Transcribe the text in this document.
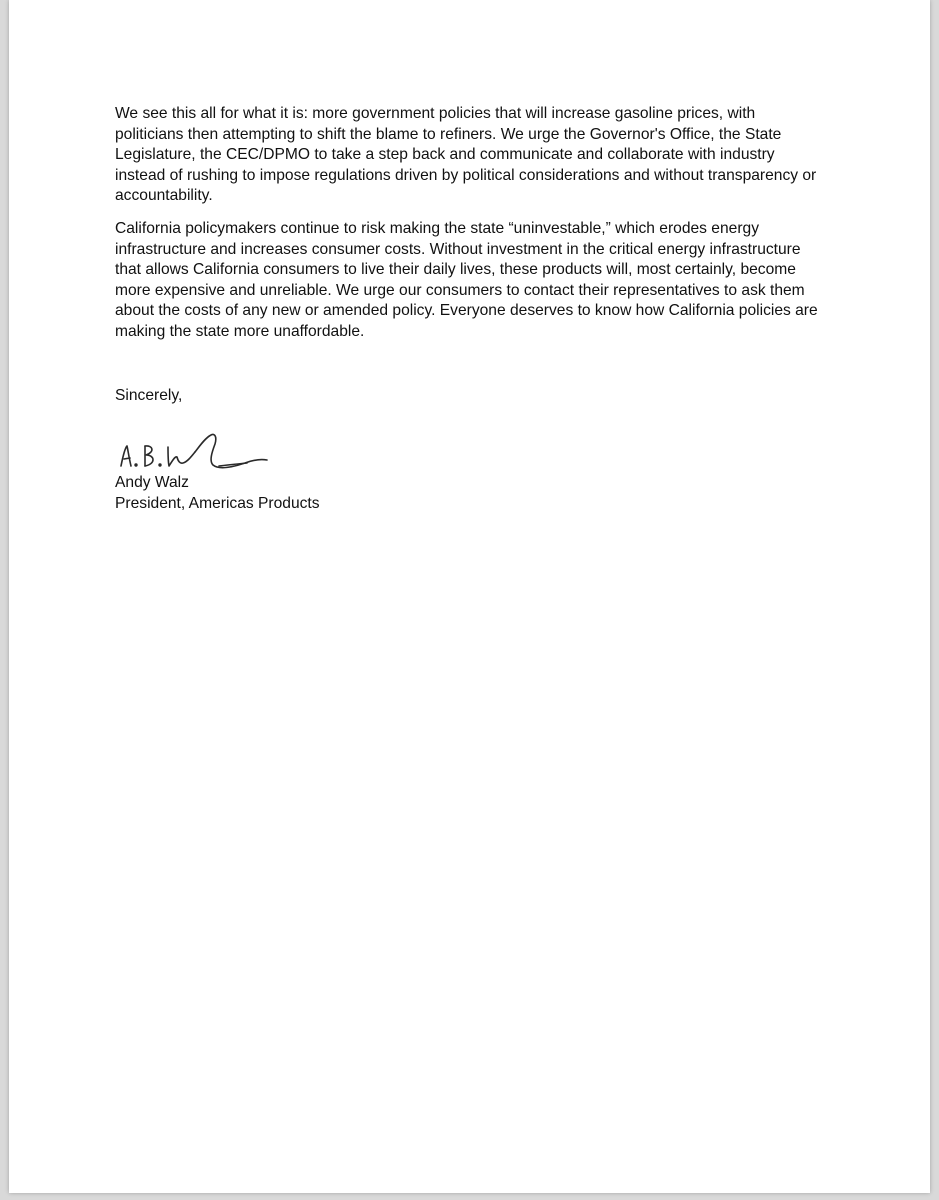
We see this all for what it is: more government policies that will increase gasoline prices, with politicians then attempting to shift the blame to refiners. We urge the Governor's Office, the State Legislature, the CEC/DPMO to take a step back and communicate and collaborate with industry instead of rushing to impose regulations driven by political considerations and without transparency or accountability.

California policymakers continue to risk making the state “uninvestable,” which erodes energy infrastructure and increases consumer costs. Without investment in the critical energy infrastructure that allows California consumers to live their daily lives, these products will, most certainly, become more expensive and unreliable. We urge our consumers to contact their representatives to ask them about the costs of any new or amended policy. Everyone deserves to know how California policies are making the state more unaffordable.

Sincerely,

Andy Walz

President, Americas Products
